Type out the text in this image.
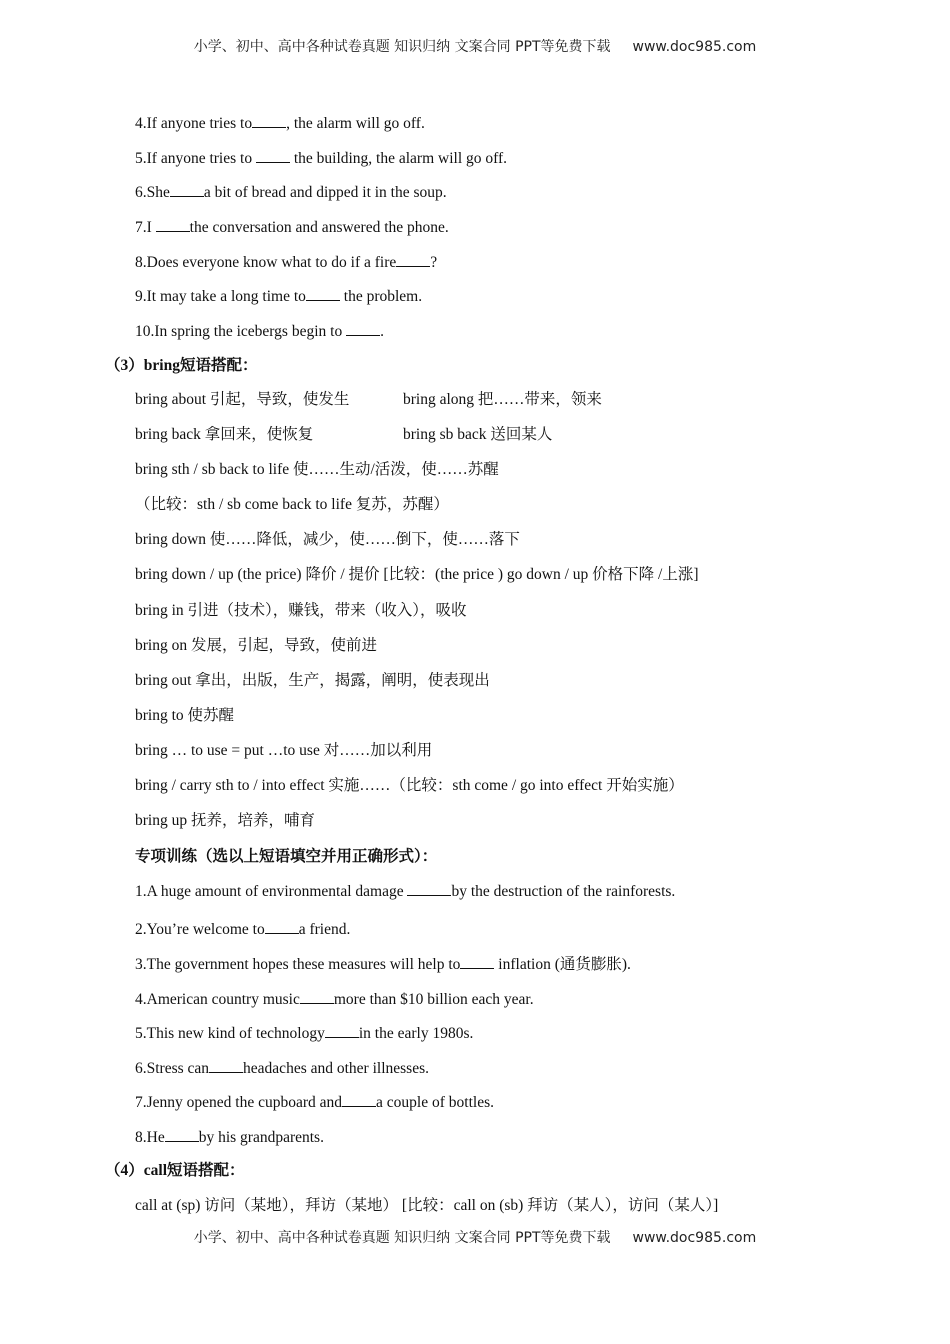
小学、初中、高中各种试卷真题 知识归纳 文案合同 PPT等免费下载 www.doc985.com
4.If anyone tries to , the alarm will go off.
5.If anyone tries to  the building, the alarm will go off.
6.She a bit of bread and dipped it in the soup.
7.I the conversation and answered the phone.
8.Does everyone know what to do if a fire ?
9.It may take a long time to the problem.
10.In spring the icebergs begin to .
（3）bring短语搭配：
bring about 引起，导致，使发生	bring along 把……带来，领来
bring back 拿回来，使恢复	bring sb back 送回某人
bring sth / sb back to life 使……生动/活泼，使……苏醒
（比较：sth / sb come back to life 复苏，苏醒）
bring down 使……降低，减少，使……倒下，使……落下
bring down / up (the price) 降价 / 提价 [比较：(the price ) go down / up 价格下降 /上涨]
bring in 引进（技术），赚钱，带来（收入），吸收
bring on 发展，引起，导致，使前进
bring out 拿出，出版，生产，揭露，阐明，使表现出
bring to 使苏醒
bring … to use = put …to use 对……加以利用
bring / carry sth to / into effect 实施……（比较：sth come / go into effect 开始实施）
bring up 抚养，培养，哺育
专项训练（选以上短语填空并用正确形式）：
1.A huge amount of environmental damage	by the destruction of the rainforests.
2.You’re welcome to a friend.
3.The government hopes these measures will help to inflation (通货膨胀).
4.American country music more than $10 billion each year.
5.This new kind of technology in the early 1980s.
6.Stress can headaches and other illnesses.
7.Jenny opened the cupboard and a couple of bottles.
8.He by his grandparents.
（4）call短语搭配：
call at (sp) 访问（某地），拜访（某地） [比较：call on (sb) 拜访（某人），访问（某人）]
小学、初中、高中各种试卷真题 知识归纳 文案合同 PPT等免费下载 www.doc985.com
